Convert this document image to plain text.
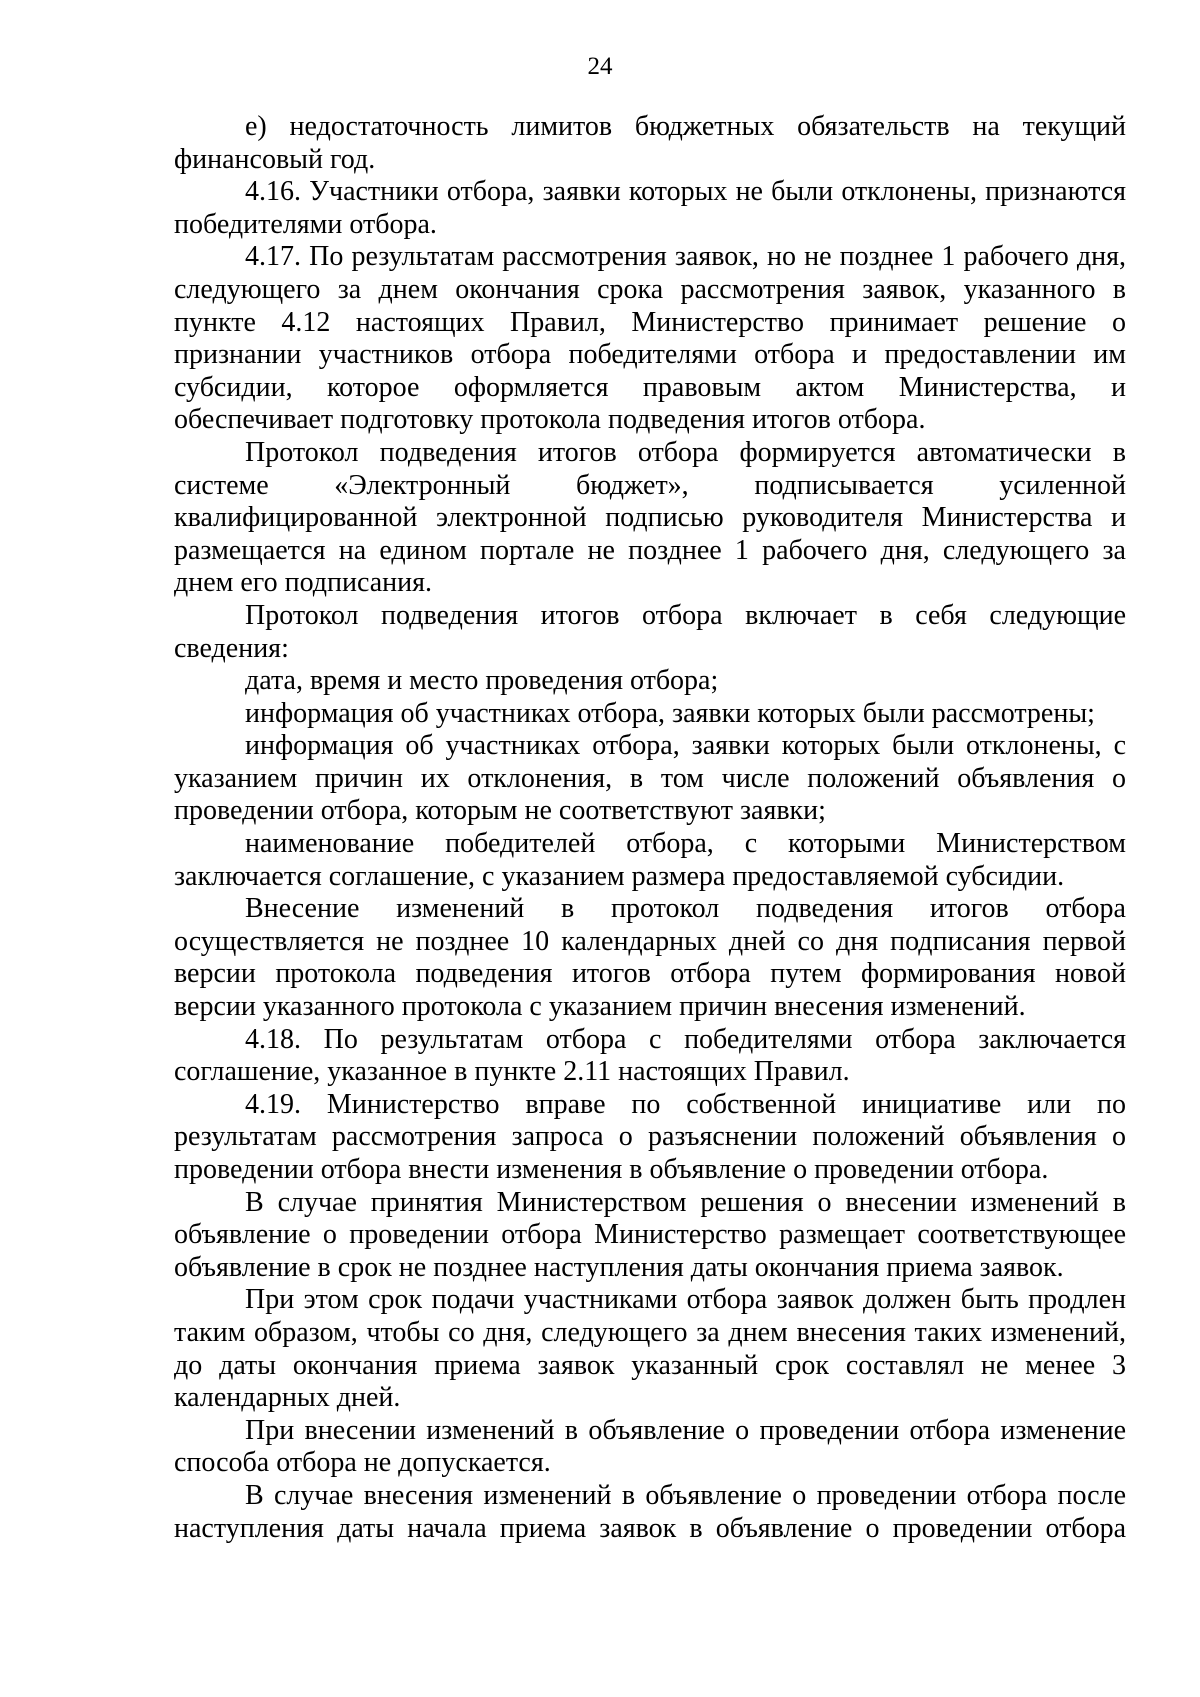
24

е) недостаточность лимитов бюджетных обязательств на текущий финансовый год.

4.16. Участники отбора, заявки которых не были отклонены, признаются победителями отбора.

4.17. По результатам рассмотрения заявок, но не позднее 1 рабочего дня, следующего за днем окончания срока рассмотрения заявок, указанного в пункте 4.12 настоящих Правил, Министерство принимает решение о признании участников отбора победителями отбора и предоставлении им субсидии, которое оформляется правовым актом Министерства, и обеспечивает подготовку протокола подведения итогов отбора.

Протокол подведения итогов отбора формируется автоматически в системе «Электронный бюджет», подписывается усиленной квалифицированной электронной подписью руководителя Министерства и размещается на едином портале не позднее 1 рабочего дня, следующего за днем его подписания.

Протокол подведения итогов отбора включает в себя следующие сведения:

дата, время и место проведения отбора;

информация об участниках отбора, заявки которых были рассмотрены;

информация об участниках отбора, заявки которых были отклонены, с указанием причин их отклонения, в том числе положений объявления о проведении отбора, которым не соответствуют заявки;

наименование победителей отбора, с которыми Министерством заключается соглашение, с указанием размера предоставляемой субсидии.

Внесение изменений в протокол подведения итогов отбора осуществляется не позднее 10 календарных дней со дня подписания первой версии протокола подведения итогов отбора путем формирования новой версии указанного протокола с указанием причин внесения изменений.

4.18. По результатам отбора с победителями отбора заключается соглашение, указанное в пункте 2.11 настоящих Правил.

4.19. Министерство вправе по собственной инициативе или по результатам рассмотрения запроса о разъяснении положений объявления о проведении отбора внести изменения в объявление о проведении отбора.

В случае принятия Министерством решения о внесении изменений в объявление о проведении отбора Министерство размещает соответствующее объявление в срок не позднее наступления даты окончания приема заявок.

При этом срок подачи участниками отбора заявок должен быть продлен таким образом, чтобы со дня, следующего за днем внесения таких изменений, до даты окончания приема заявок указанный срок составлял не менее 3 календарных дней.

При внесении изменений в объявление о проведении отбора изменение способа отбора не допускается.

В случае внесения изменений в объявление о проведении отбора после наступления даты начала приема заявок в объявление о проведении отбора
